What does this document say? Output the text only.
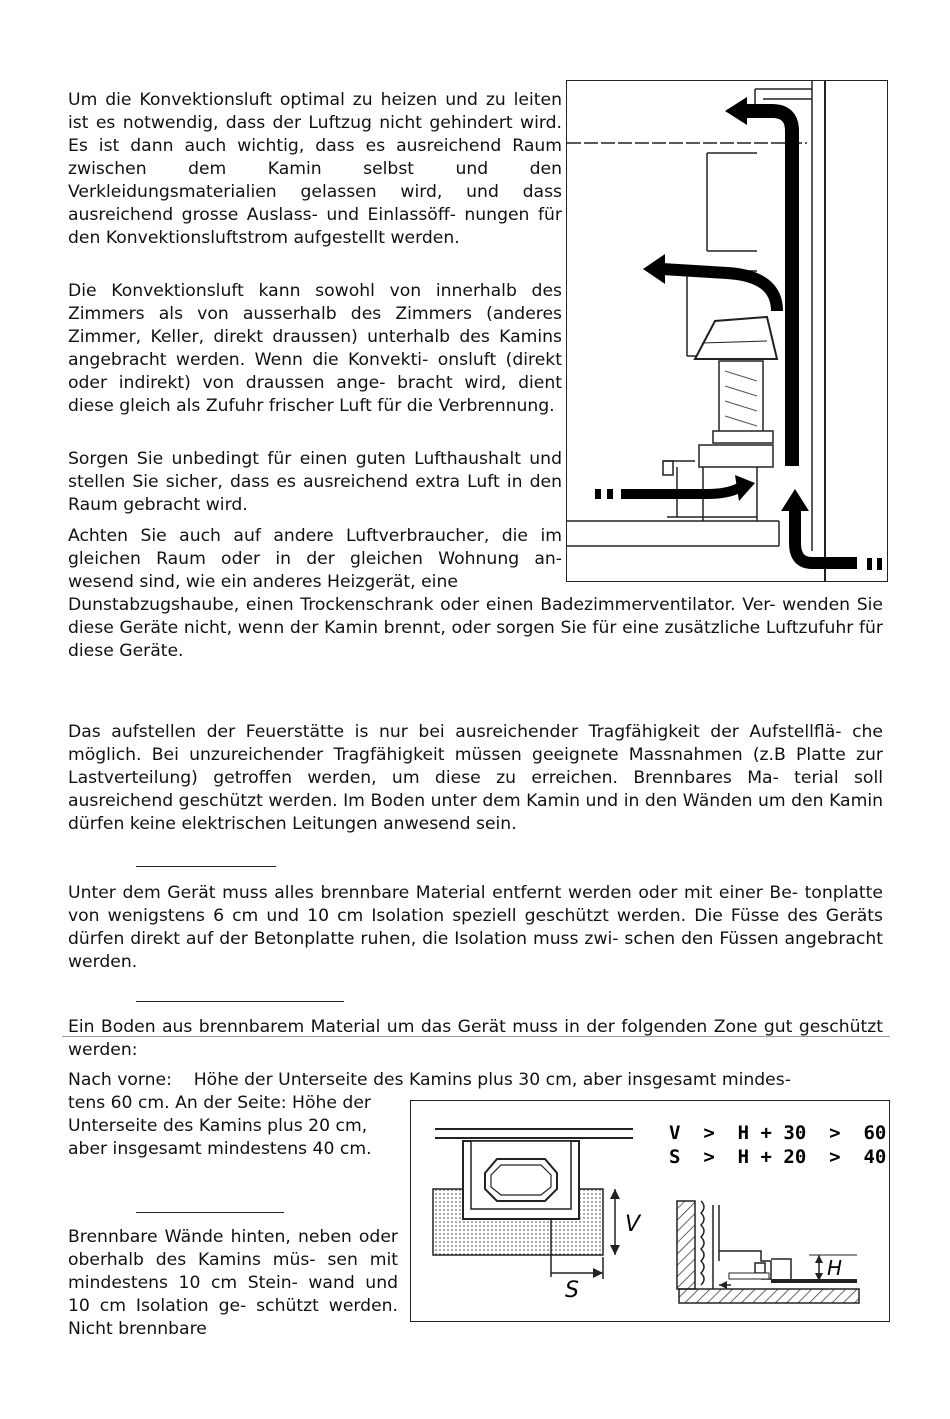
Um die Konvektionsluft optimal zu heizen und zu leiten ist es notwendig, dass der Luftzug nicht gehindert wird. Es ist dann auch wichtig, dass es ausreichend Raum zwischen dem Kamin selbst und den Verkleidungsmaterialien gelassen wird, und dass ausreichend grosse Auslass- und Einlassöff- nungen für den Konvektionsluftstrom aufgestellt werden.

Die Konvektionsluft kann sowohl von innerhalb des Zimmers als von ausserhalb des Zimmers (anderes Zimmer, Keller, direkt draussen) unterhalb des Kamins angebracht werden. Wenn die Konvekti- onsluft (direkt oder indirekt) von draussen ange- bracht wird, dient diese gleich als Zufuhr frischer Luft für die Verbrennung.

Sorgen Sie unbedingt für einen guten Lufthaushalt und stellen Sie sicher, dass es ausreichend extra Luft in den Raum gebracht wird.

Achten Sie auch auf andere Luftverbraucher, die im gleichen Raum oder in der gleichen Wohnung an- wesend sind, wie ein anderes Heizgerät, eine

Dunstabzugshaube, einen Trockenschrank oder einen Badezimmerventilator. Ver- wenden Sie diese Geräte nicht, wenn der Kamin brennt, oder sorgen Sie für eine zusätzliche Luftzufuhr für diese Geräte.

Das aufstellen der Feuerstätte is nur bei ausreichender Tragfähigkeit der Aufstellflä- che möglich. Bei unzureichender Tragfähigkeit müssen geeignete Massnahmen (z.B Platte zur Lastverteilung) getroffen werden, um diese zu erreichen. Brennbares Ma- terial soll ausreichend geschützt werden. Im Boden unter dem Kamin und in den Wänden um den Kamin dürfen keine elektrischen Leitungen anwesend sein.

Unter dem Gerät muss alles brennbare Material entfernt werden oder mit einer Be- tonplatte von wenigstens 6 cm und 10 cm Isolation speziell geschützt werden. Die Füsse des Geräts dürfen direkt auf der Betonplatte ruhen, die Isolation muss zwi- schen den Füssen angebracht werden.

Ein Boden aus brennbarem Material um das Gerät muss in der folgenden Zone gut geschützt werden:

Nach vorne:    Höhe der Unterseite des Kamins plus 30 cm, aber insgesamt mindes-

tens 60 cm. An der Seite: Höhe der Unterseite des Kamins plus 20 cm, aber insgesamt mindestens 40 cm.

Brennbare Wände hinten, neben oder oberhalb des Kamins müs- sen mit mindestens 10 cm Stein- wand und 10 cm Isolation ge- schützt werden. Nicht brennbare

V
S
V  >  H + 30  >  60
S  >  H + 20  >  40
H
